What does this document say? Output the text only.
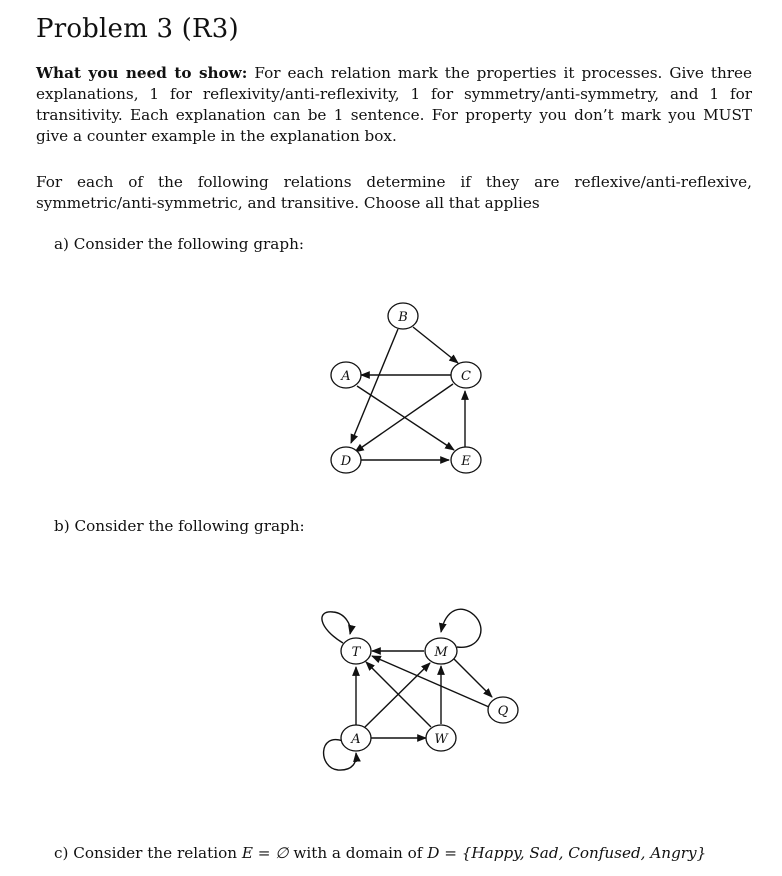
Problem 3 (R3)

What you need to show: For each relation mark the properties it processes. Give three explanations, 1 for reflexivity/anti-reflexivity, 1 for symmetry/anti-symmetry, and 1 for transitivity. Each explanation can be 1 sentence. For property you don’t mark you MUST give a counter example in the explanation box.

For each of the following relations determine if they are reflexive/anti-reflexive, symmetric/anti-symmetric, and transitive. Choose all that applies

a) Consider the following graph:

b) Consider the following graph:

c) Consider the relation E = ∅ with a domain of D = {Happy, Sad, Confused, Angry}

A
B
C
D	E
T	M
Q
A	W
